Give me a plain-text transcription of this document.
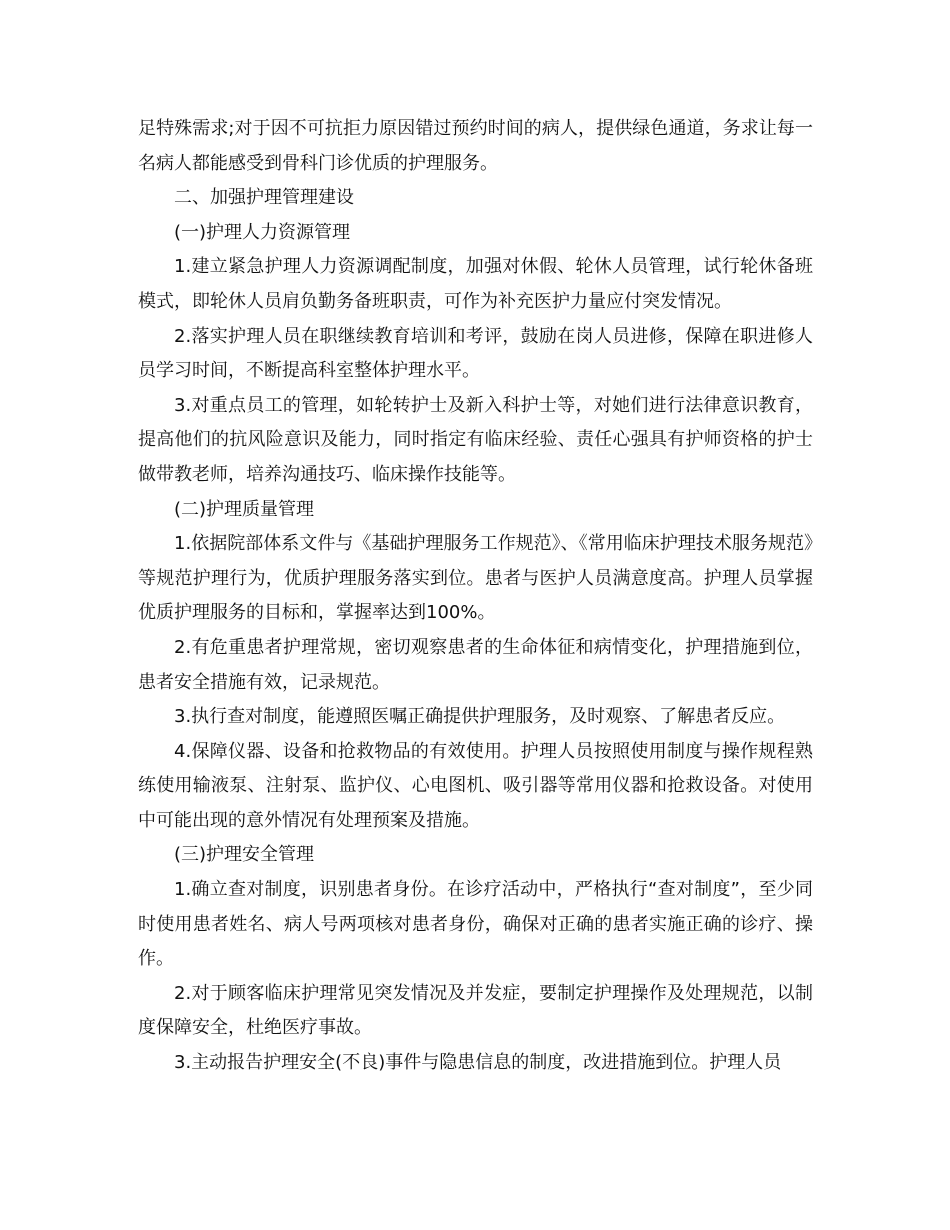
足特殊需求;对于因不可抗拒力原因错过预约时间的病人，提供绿色通道，务求让每一名病人都能感受到骨科门诊优质的护理服务。

二、加强护理管理建设

(一)护理人力资源管理

1.建立紧急护理人力资源调配制度，加强对休假、轮休人员管理，试行轮休备班模式，即轮休人员肩负勤务备班职责，可作为补充医护力量应付突发情况。

2.落实护理人员在职继续教育培训和考评，鼓励在岗人员进修，保障在职进修人员学习时间，不断提高科室整体护理水平。

3.对重点员工的管理，如轮转护士及新入科护士等，对她们进行法律意识教育，提高他们的抗风险意识及能力，同时指定有临床经验、责任心强具有护师资格的护士做带教老师，培养沟通技巧、临床操作技能等。

(二)护理质量管理

1.依据院部体系文件与《基础护理服务工作规范》、《常用临床护理技术服务规范》等规范护理行为，优质护理服务落实到位。患者与医护人员满意度高。护理人员掌握优质护理服务的目标和，掌握率达到100%。

2.有危重患者护理常规，密切观察患者的生命体征和病情变化，护理措施到位，患者安全措施有效，记录规范。

3.执行查对制度，能遵照医嘱正确提供护理服务，及时观察、了解患者反应。

4.保障仪器、设备和抢救物品的有效使用。护理人员按照使用制度与操作规程熟练使用输液泵、注射泵、监护仪、心电图机、吸引器等常用仪器和抢救设备。对使用中可能出现的意外情况有处理预案及措施。

(三)护理安全管理

1.确立查对制度，识别患者身份。在诊疗活动中，严格执行“查对制度”，至少同时使用患者姓名、病人号两项核对患者身份，确保对正确的患者实施正确的诊疗、操作。

2.对于顾客临床护理常见突发情况及并发症，要制定护理操作及处理规范，以制度保障安全，杜绝医疗事故。

3.主动报告护理安全(不良)事件与隐患信息的制度，改进措施到位。护理人员
